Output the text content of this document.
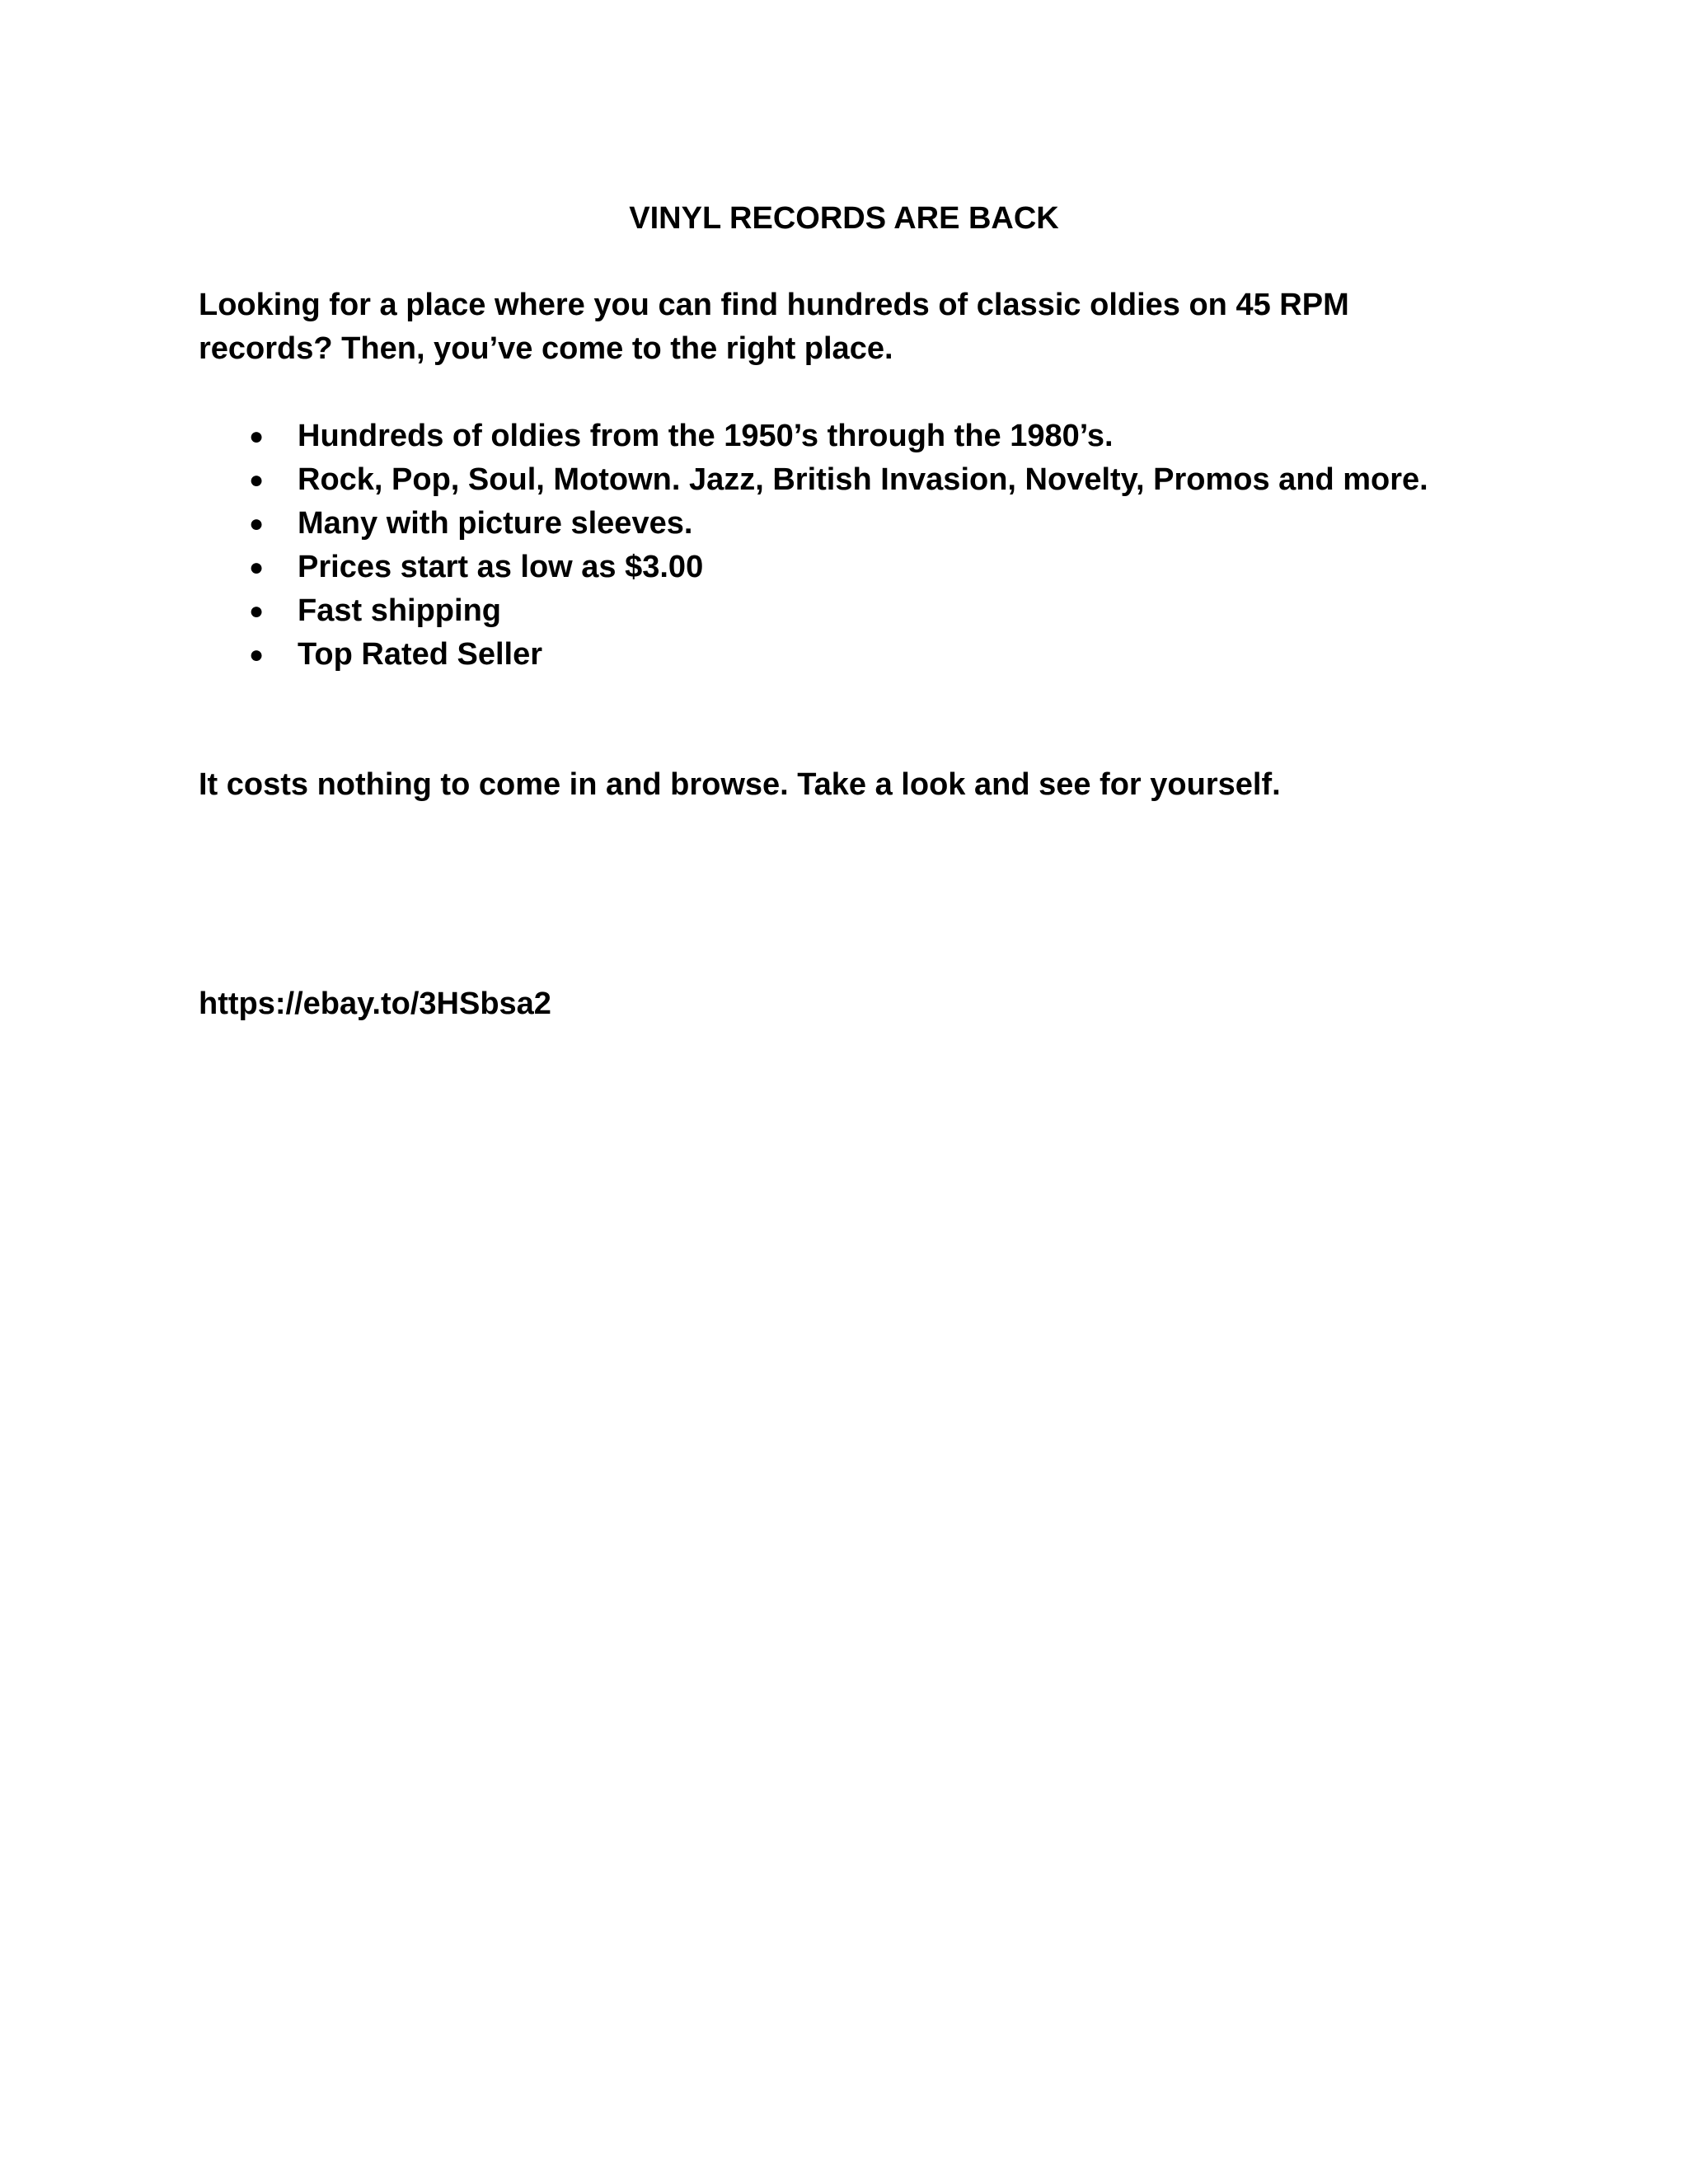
VINYL RECORDS ARE BACK

Looking for a place where you can find hundreds of classic oldies on 45 RPM records? Then, you’ve come to the right place.

● Hundreds of oldies from the 1950’s through the 1980’s.
● Rock, Pop, Soul, Motown. Jazz, British Invasion, Novelty, Promos and more.
● Many with picture sleeves.
● Prices start as low as $3.00
● Fast shipping
● Top Rated Seller

It costs nothing to come in and browse. Take a look and see for yourself.

https://ebay.to/3HSbsa2
